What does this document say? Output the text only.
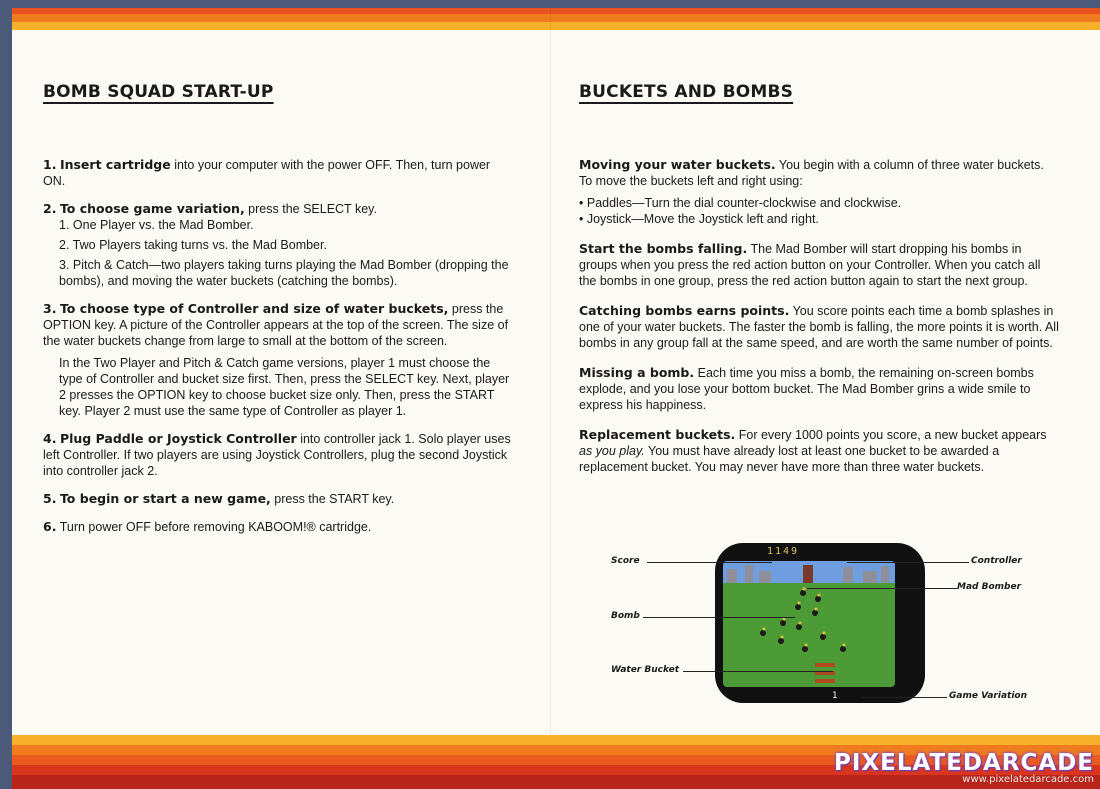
BOMB SQUAD START-UP

1. Insert cartridge into your computer with the power OFF. Then, turn power ON.

2. To choose game variation, press the SELECT key.

1. One Player vs. the Mad Bomber.

2. Two Players taking turns vs. the Mad Bomber.

3. Pitch & Catch—two players taking turns playing the Mad Bomber (dropping the bombs), and moving the water buckets (catching the bombs).

3. To choose type of Controller and size of water buckets, press the OPTION key. A picture of the Controller appears at the top of the screen. The size of the water buckets change from large to small at the bottom of the screen.

In the Two Player and Pitch & Catch game versions, player 1 must choose the type of Controller and bucket size first. Then, press the SELECT key. Next, player 2 presses the OPTION key to choose bucket size only. Then, press the START key. Player 2 must use the same type of Controller as player 1.

4. Plug Paddle or Joystick Controller into controller jack 1. Solo player uses left Controller. If two players are using Joystick Controllers, plug the second Joystick into controller jack 2.

5. To begin or start a new game, press the START key.

6. Turn power OFF before removing KABOOM!® cartridge.

BUCKETS AND BOMBS

Moving your water buckets. You begin with a column of three water buckets. To move the buckets left and right using:

• Paddles—Turn the dial counter-clockwise and clockwise.
• Joystick—Move the Joystick left and right.

Start the bombs falling. The Mad Bomber will start dropping his bombs in groups when you press the red action button on your Controller. When you catch all the bombs in one group, press the red action button again to start the next group.

Catching bombs earns points. You score points each time a bomb splashes in one of your water buckets. The faster the bomb is falling, the more points it is worth. All bombs in any group fall at the same speed, and are worth the same number of points.

Missing a bomb. Each time you miss a bomb, the remaining on-screen bombs explode, and you lose your bottom bucket. The Mad Bomber grins a wide smile to express his happiness.

Replacement buckets. For every 1000 points you score, a new bucket appears as you play. You must have already lost at least one bucket to be awarded a replacement bucket. You may never have more than three water buckets.

1149
1
Score	Controller
Mad Bomber
Bomb
Water Bucket
Game Variation
PIXELATEDARCADE
www.pixelatedarcade.com
